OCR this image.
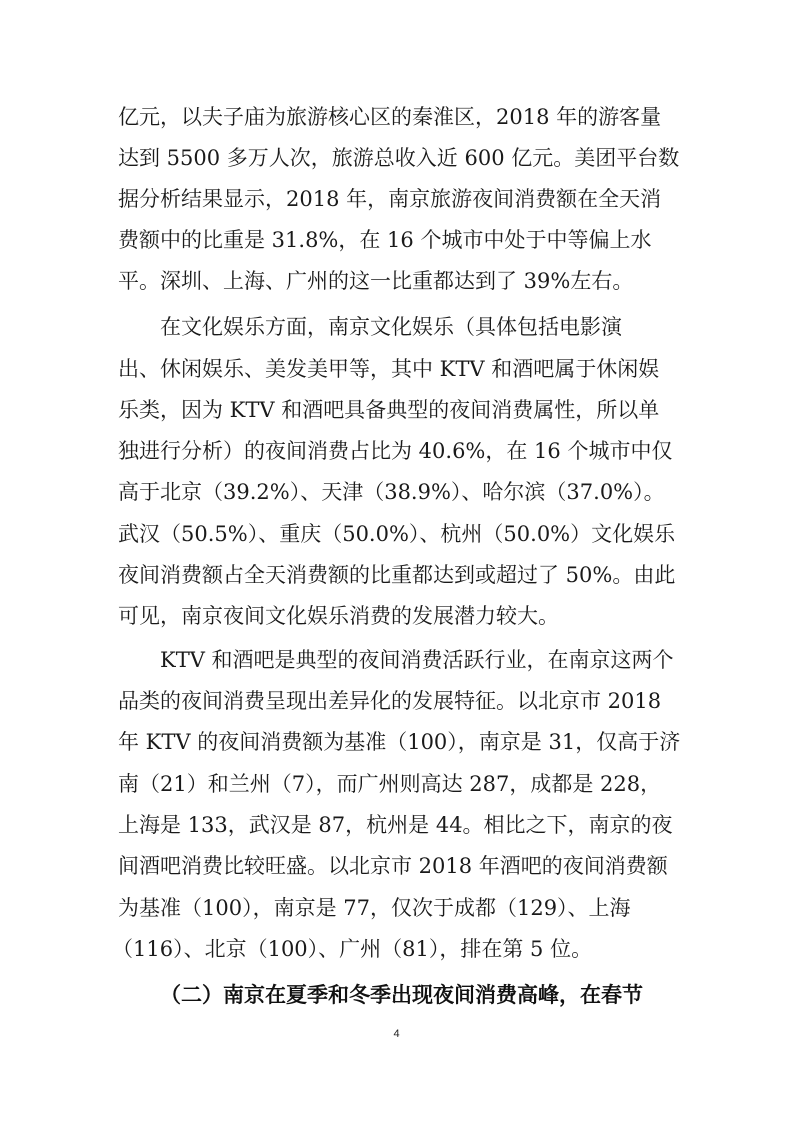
亿元，以夫子庙为旅游核心区的秦淮区，2018 年的游客量
达到 5500 多万人次，旅游总收入近 600 亿元。美团平台数
据分析结果显示，2018 年，南京旅游夜间消费额在全天消
费额中的比重是 31.8%，在 16 个城市中处于中等偏上水
平。深圳、上海、广州的这一比重都达到了 39%左右。
在文化娱乐方面，南京文化娱乐（具体包括电影演
出、休闲娱乐、美发美甲等，其中 KTV 和酒吧属于休闲娱
乐类，因为 KTV 和酒吧具备典型的夜间消费属性，所以单
独进行分析）的夜间消费占比为 40.6%，在 16 个城市中仅
高于北京（39.2%）、天津（38.9%）、哈尔滨（37.0%）。
武汉（50.5%）、重庆（50.0%）、杭州（50.0%）文化娱乐
夜间消费额占全天消费额的比重都达到或超过了 50%。由此
可见，南京夜间文化娱乐消费的发展潜力较大。
KTV 和酒吧是典型的夜间消费活跃行业，在南京这两个
品类的夜间消费呈现出差异化的发展特征。以北京市 2018
年 KTV 的夜间消费额为基准（100），南京是 31，仅高于济
南（21）和兰州（7），而广州则高达 287，成都是 228，
上海是 133，武汉是 87，杭州是 44。相比之下，南京的夜
间酒吧消费比较旺盛。以北京市 2018 年酒吧的夜间消费额
为基准（100），南京是 77，仅次于成都（129）、上海
（116）、北京（100）、广州（81），排在第 5 位。
（二）南京在夏季和冬季出现夜间消费高峰，在春节
4
